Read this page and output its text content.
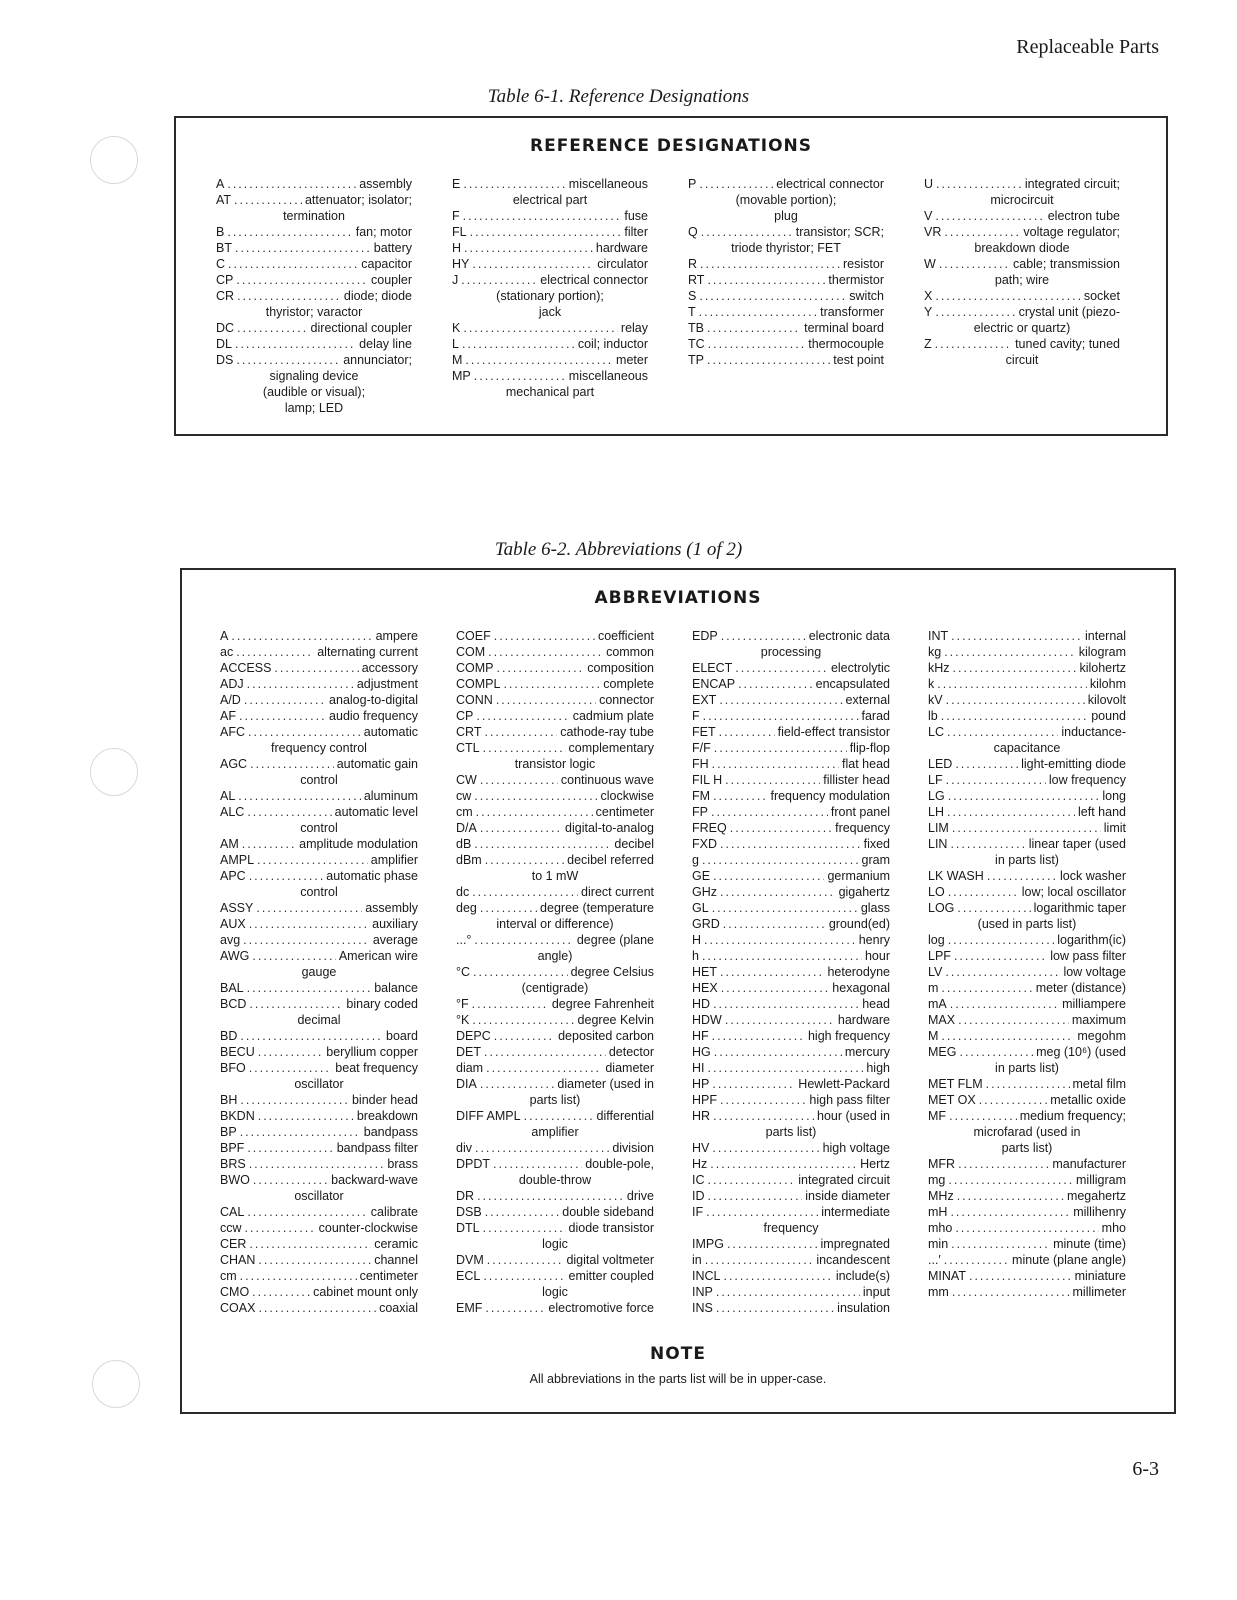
Replaceable Parts
Table 6-1. Reference Designations
REFERENCE DESIGNATIONS
A .....	assembly
AT .....	attenuator; isolator;
termination
B .....	fan; motor
BT .....	battery
C .....	capacitor
CP .....	coupler
CR .....	diode; diode
thyristor; varactor
DC .....	directional coupler
DL .....	delay line
DS .....	annunciator;
signaling device
(audible or visual);
lamp; LED
E .....	miscellaneous
electrical part
F .....	fuse
FL .....	filter
H .....	hardware
HY .....	circulator
J .....	electrical connector
(stationary portion);
jack
K .....	relay
L .....	coil; inductor
M .....	meter
MP .....	miscellaneous
mechanical part
P .....	electrical connector
(movable portion);
plug
Q .....	transistor; SCR;
triode thyristor; FET
R .....	resistor
RT .....	thermistor
S .....	switch
T .....	transformer
TB .....	terminal board
TC .....	thermocouple
TP .....	test point
U .....	integrated circuit;
microcircuit
V .....	electron tube
VR .....	voltage regulator;
breakdown diode
W .....	cable; transmission
path; wire
X .....	socket
Y .....	crystal unit (piezo-
electric or quartz)
Z .....	tuned cavity; tuned
circuit
Table 6-2. Abbreviations (1 of 2)
ABBREVIATIONS
A .....	ampere
ac .....	alternating current
ACCESS .....	accessory
ADJ .....	adjustment
A/D .....	analog-to-digital
AF .....	audio frequency
AFC .....	automatic
frequency control
AGC .....	automatic gain
control
AL .....	aluminum
ALC .....	automatic level
control
AM .....	amplitude modulation
AMPL .....	amplifier
APC .....	automatic phase
control
ASSY .....	assembly
AUX .....	auxiliary
avg .....	average
AWG .....	American wire
gauge
BAL .....	balance
BCD .....	binary coded
decimal
BD .....	board
BECU .....	beryllium copper
BFO .....	beat frequency
oscillator
BH .....	binder head
BKDN .....	breakdown
BP .....	bandpass
BPF .....	bandpass filter
BRS .....	brass
BWO .....	backward-wave
oscillator
CAL .....	calibrate
ccw .....	counter-clockwise
CER .....	ceramic
CHAN .....	channel
cm .....	centimeter
CMO .....	cabinet mount only
COAX .....	coaxial
COEF .....	coefficient
COM .....	common
COMP .....	composition
COMPL .....	complete
CONN .....	connector
CP .....	cadmium plate
CRT .....	cathode-ray tube
CTL .....	complementary
transistor logic
CW .....	continuous wave
cw .....	clockwise
cm .....	centimeter
D/A .....	digital-to-analog
dB .....	decibel
dBm .....	decibel referred
to 1 mW
dc .....	direct current
deg .....	degree (temperature
interval or difference)
...° .....	degree (plane
angle)
°C .....	degree Celsius
(centigrade)
°F .....	degree Fahrenheit
°K .....	degree Kelvin
DEPC .....	deposited carbon
DET .....	detector
diam .....	diameter
DIA .....	diameter (used in
parts list)
DIFF AMPL .....	differential
amplifier
div .....	division
DPDT .....	double-pole,
double-throw
DR .....	drive
DSB .....	double sideband
DTL .....	diode transistor
logic
DVM .....	digital voltmeter
ECL .....	emitter coupled
logic
EMF .....	electromotive force
EDP .....	electronic data
processing
ELECT .....	electrolytic
ENCAP .....	encapsulated
EXT .....	external
F .....	farad
FET .....	field-effect transistor
F/F .....	flip-flop
FH .....	flat head
FIL H .....	fillister head
FM .....	frequency modulation
FP .....	front panel
FREQ .....	frequency
FXD .....	fixed
g .....	gram
GE .....	germanium
GHz .....	gigahertz
GL .....	glass
GRD .....	ground(ed)
H .....	henry
h .....	hour
HET .....	heterodyne
HEX .....	hexagonal
HD .....	head
HDW .....	hardware
HF .....	high frequency
HG .....	mercury
HI .....	high
HP .....	Hewlett-Packard
HPF .....	high pass filter
HR .....	hour (used in
parts list)
HV .....	high voltage
Hz .....	Hertz
IC .....	integrated circuit
ID .....	inside diameter
IF .....	intermediate
frequency
IMPG .....	impregnated
in .....	incandescent
INCL .....	include(s)
INP .....	input
INS .....	insulation
INT .....	internal
kg .....	kilogram
kHz .....	kilohertz
k .....	kilohm
kV .....	kilovolt
lb .....	pound
LC .....	inductance-
capacitance
LED .....	light-emitting diode
LF .....	low frequency
LG .....	long
LH .....	left hand
LIM .....	limit
LIN .....	linear taper (used
in parts list)
LK WASH .....	lock washer
LO .....	low; local oscillator
LOG .....	logarithmic taper
(used in parts list)
log .....	logarithm(ic)
LPF .....	low pass filter
LV .....	low voltage
m .....	meter (distance)
mA .....	milliampere
MAX .....	maximum
M .....	megohm
MEG .....	meg (10⁶) (used
in parts list)
MET FLM .....	metal film
MET OX .....	metallic oxide
MF .....	medium frequency;
microfarad (used in
parts list)
MFR .....	manufacturer
mg .....	milligram
MHz .....	megahertz
mH .....	millihenry
mho .....	mho
min .....	minute (time)
...′ .....	minute (plane angle)
MINAT .....	miniature
mm .....	millimeter
NOTE
All abbreviations in the parts list will be in upper-case.
6-3
